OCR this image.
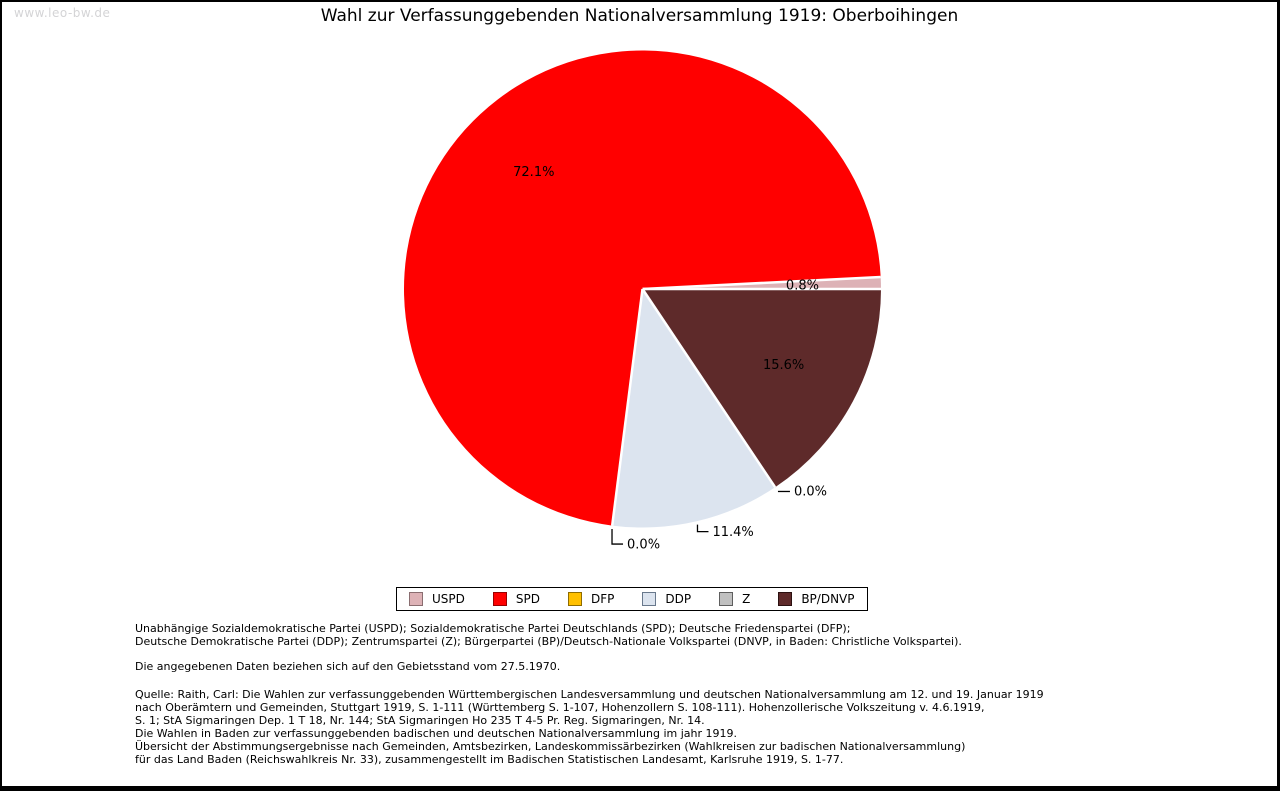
www.leo-bw.de	Wahl zur Verfassunggebenden Nationalversammlung 1919: Oberboihingen
0.8%
72.1%
0.0%
11.4%
0.0%
15.6%
USPD	SPD	DFP	DDP	Z	BP/DNVP

Unabhängige Sozialdemokratische Partei (USPD); Sozialdemokratische Partei Deutschlands (SPD); Deutsche Friedenspartei (DFP);
Deutsche Demokratische Partei (DDP); Zentrumspartei (Z); Bürgerpartei (BP)/Deutsch-Nationale Volkspartei (DNVP, in Baden: Christliche Volkspartei).

Die angegebenen Daten beziehen sich auf den Gebietsstand vom 27.5.1970.

Quelle: Raith, Carl: Die Wahlen zur verfassunggebenden Württembergischen Landesversammlung und deutschen Nationalversammlung am 12. und 19. Januar 1919
nach Oberämtern und Gemeinden, Stuttgart 1919, S. 1-111 (Württemberg S. 1-107, Hohenzollern S. 108-111). Hohenzollerische Volkszeitung v. 4.6.1919,
S. 1; StA Sigmaringen Dep. 1 T 18, Nr. 144; StA Sigmaringen Ho 235 T 4-5 Pr. Reg. Sigmaringen, Nr. 14.
Die Wahlen in Baden zur verfassunggebenden badischen und deutschen Nationalversammlung im jahr 1919.
Übersicht der Abstimmungsergebnisse nach Gemeinden, Amtsbezirken, Landeskommissärbezirken (Wahlkreisen zur badischen Nationalversammlung)
für das Land Baden (Reichswahlkreis Nr. 33), zusammengestellt im Badischen Statistischen Landesamt, Karlsruhe 1919, S. 1-77.
